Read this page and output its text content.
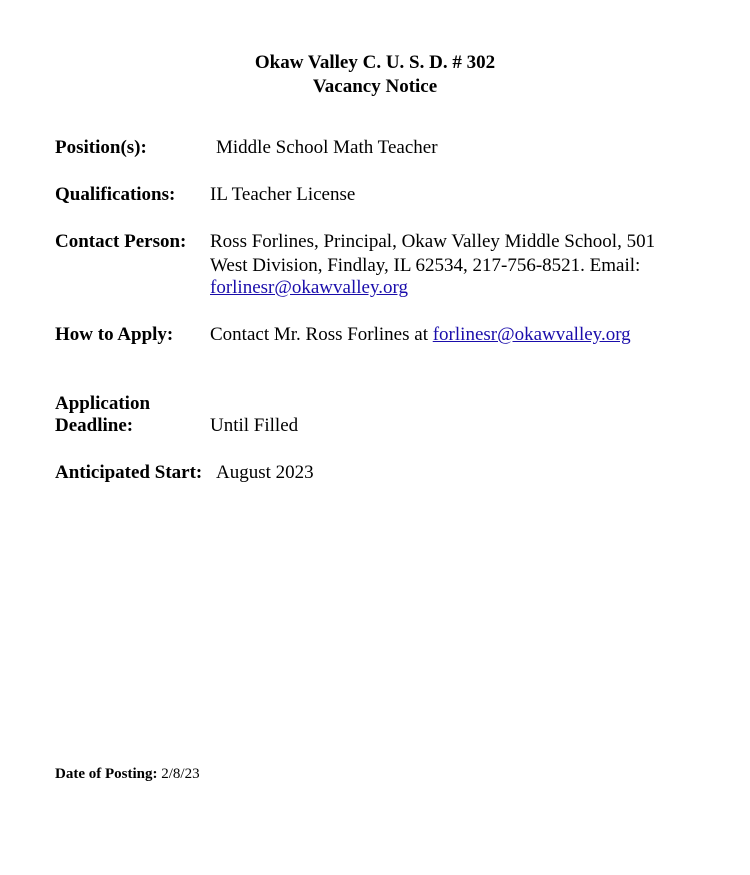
Okaw Valley C. U. S. D. # 302
Vacancy Notice
Position(s):	Middle School Math Teacher
Qualifications: IL Teacher License
Contact Person: Ross Forlines, Principal, Okaw Valley Middle School, 501
West Division, Findlay, IL 62534, 217-756-8521. Email:
forlinesr@okawvalley.org
How to Apply: Contact Mr. Ross Forlines at forlinesr@okawvalley.org
Application
Deadline:	Until Filled
Anticipated Start: August 2023
Date of Posting: 2/8/23
